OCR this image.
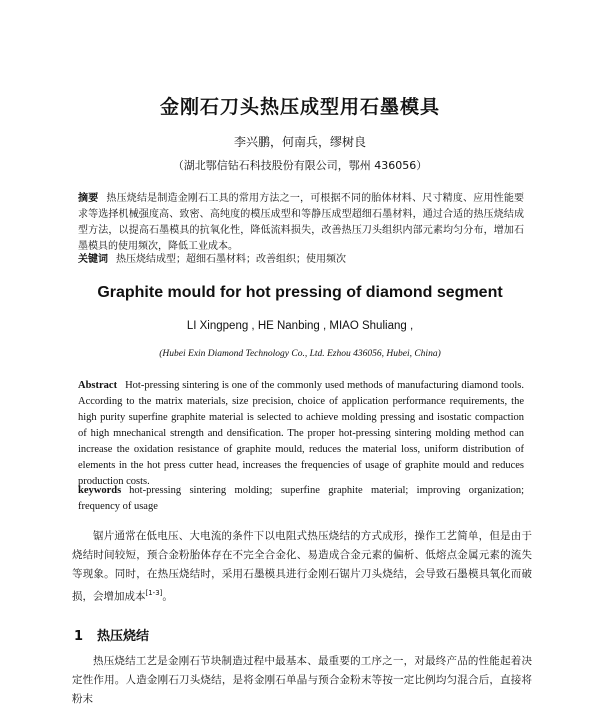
金刚石刀头热压成型用石墨模具
李兴鹏，何南兵，缪树良
（湖北鄂信钻石科技股份有限公司，鄂州 436056）
摘要 热压烧结是制造金刚石工具的常用方法之一，可根据不同的胎体材料、尺寸精度、应用性能要求等选择机械强度高、致密、高纯度的模压成型和等静压成型超细石墨材料，通过合适的热压烧结成型方法，以提高石墨模具的抗氧化性，降低流料损失，改善热压刀头组织内部元素均匀分布，增加石墨模具的使用频次，降低工业成本。
关键词 热压烧结成型；超细石墨材料；改善组织；使用频次
Graphite mould for hot pressing of diamond segment
LI Xingpeng , HE Nanbing , MIAO Shuliang ,
(Hubei Exin Diamond Technology Co., Ltd. Ezhou 436056, Hubei, China)
Abstract Hot-pressing sintering is one of the commonly used methods of manufacturing diamond tools. According to the matrix materials, size precision, choice of application performance requirements, the high purity superfine graphite material is selected to achieve molding pressing and isostatic compaction of high mnechanical strength and densification. The proper hot-pressing sintering molding method can increase the oxidation resistance of graphite mould, reduces the material loss, uniform distribution of elements in the hot press cutter head, increases the frequencies of usage of graphite mould and reduces production costs.
keywords hot-pressing sintering molding; superfine graphite material; improving organization; frequency of usage
锯片通常在低电压、大电流的条件下以电阻式热压烧结的方式成形，操作工艺简单，但是由于烧结时间较短，预合金粉胎体存在不完全合金化、易造成合金元素的偏析、低熔点金属元素的流失等现象。同时，在热压烧结时，采用石墨模具进行金刚石锯片刀头烧结，会导致石墨模具氧化而破损，会增加成本[1-3]。
1 热压烧结
热压烧结工艺是金刚石节块制造过程中最基本、最重要的工序之一，对最终产品的性能起着决定性作用。人造金刚石刀头烧结，是将金刚石单晶与预合金粉末等按一定比例均匀混合后，直接将粉末
